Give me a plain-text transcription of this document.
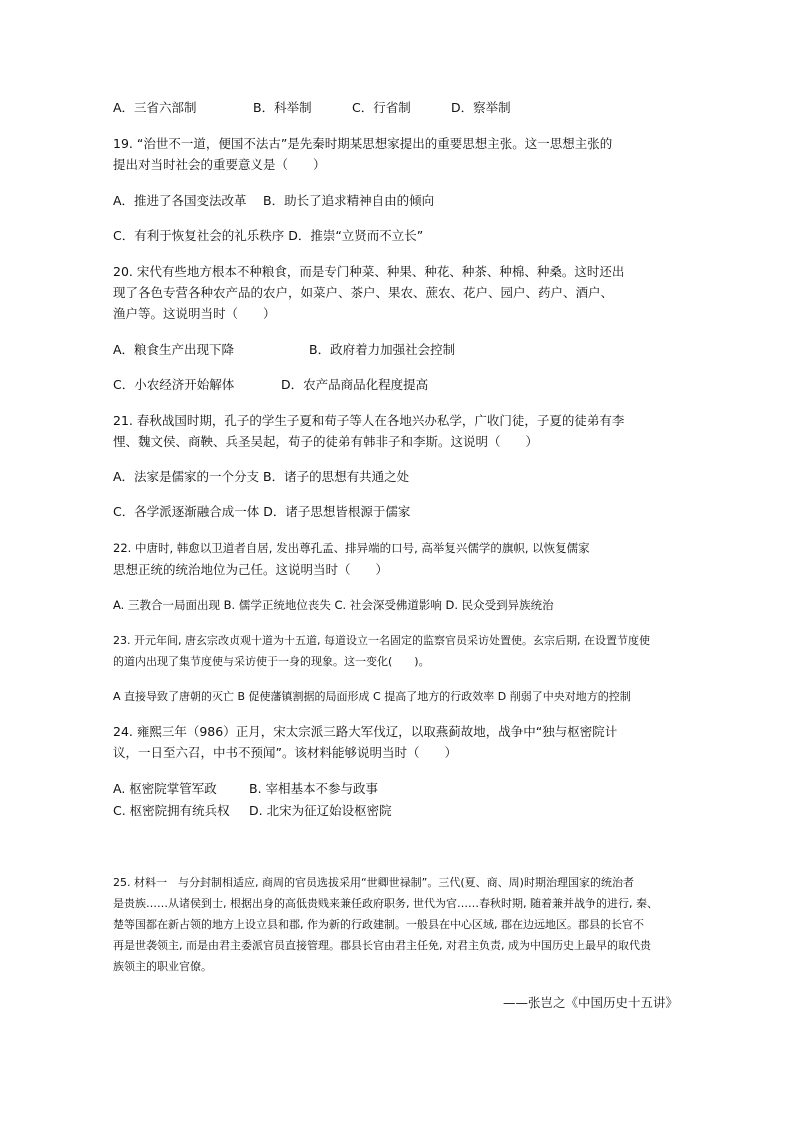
A．三省六部制	B．科举制	C．行省制	D．察举制
19. “治世不一道，便国不法古”是先秦时期某思想家提出的重要思想主张。这一思想主张的
提出对当时社会的重要意义是（　　）
A．推进了各国变法改革　 B．助长了追求精神自由的倾向
C．有利于恢复社会的礼乐秩序 D．推崇“立贤而不立长”
20. 宋代有些地方根本不种粮食，而是专门种菜、种果、种花、种茶、种棉、种桑。这时还出
现了各色专营各种农产品的农户，如菜户、茶户、果农、蔗农、花户、园户、药户、酒户、
渔户等。这说明当时（　　）
A．粮食生产出现下降	B．政府着力加强社会控制
C．小农经济开始解体	D．农产品商品化程度提高
21. 春秋战国时期，孔子的学生子夏和荀子等人在各地兴办私学，广收门徒，子夏的徒弟有李
悝、魏文侯、商鞅、兵圣吴起，荀子的徒弟有韩非子和李斯。这说明（　　）
A．法家是儒家的一个分支 B．诸子的思想有共通之处
C．各学派逐渐融合成一体 D．诸子思想皆根源于儒家
22. 中唐时, 韩愈以卫道者自居, 发出尊孔孟、排异端的口号, 高举复兴儒学的旗帜, 以恢复儒家
思想正统的统治地位为己任。这说明当时（　　）
A. 三教合一局面出现 B. 儒学正统地位丧失 C. 社会深受佛道影响 D. 民众受到异族统治
23. 开元年间, 唐玄宗改贞观十道为十五道, 每道设立一名固定的监察官员采访处置使。玄宗后期, 在设置节度使
的道内出现了集节度使与采访使于一身的现象。这一变化(　　)。
A 直接导致了唐朝的灭亡 B 促使藩镇割据的局面形成 C 提高了地方的行政效率 D 削弱了中央对地方的控制
24. 雍熙三年（986）正月，宋太宗派三路大军伐辽，以取燕蓟故地，战争中“独与枢密院计
议，一日至六召，中书不预闻”。该材料能够说明当时（　　）
A. 枢密院掌管军政	B. 宰相基本不参与政事
C. 枢密院拥有统兵权 D. 北宋为征辽始设枢密院
25. 材料一　与分封制相适应, 商周的官员选拔采用“世卿世禄制”。三代(夏、商、周)时期治理国家的统治者
是贵族……从诸侯到士, 根据出身的高低贵贱来兼任政府职务, 世代为官……春秋时期, 随着兼并战争的进行, 秦、
楚等国都在新占领的地方上设立县和郡, 作为新的行政建制。一般县在中心区域, 郡在边远地区。郡县的长官不
再是世袭领主, 而是由君主委派官员直接管理。郡县长官由君主任免, 对君主负责, 成为中国历史上最早的取代贵
族领主的职业官僚。
——张岂之《中国历史十五讲》
